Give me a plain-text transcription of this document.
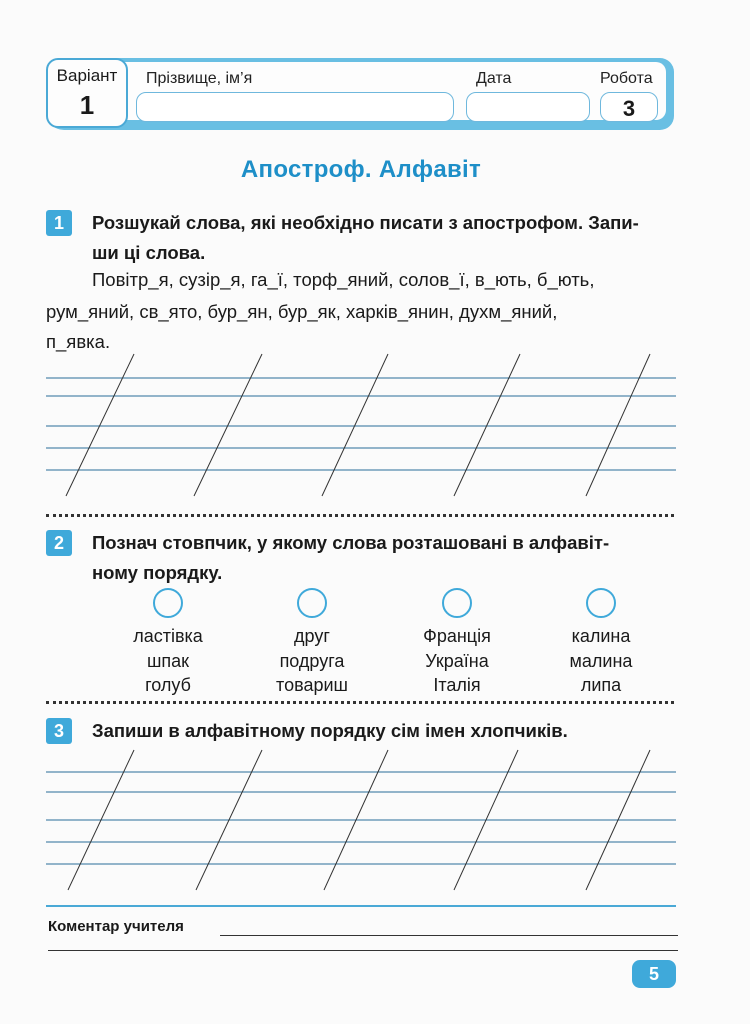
Варіант
1
Прізвище, ім’я	Дата	Робота
3
Апостроф. Алфавіт
1	Розшукай слова, які необхідно писати з апострофом. Запи-
ши ці слова.
Повітр_я, сузір_я, га_ї, торф_яний, солов_ї, в_ють, б_ють,
рум_яний, св_ято, бур_ян, бур_як, харків_янин, духм_яний,
п_явка.
2	Познач стовпчик, у якому слова розташовані в алфавіт-
ному порядку.
ластівка
шпак
голуб
друг
подруга
товариш
Франція
Україна
Італія
калина
малина
липа
3	Запиши в алфавітному порядку сім імен хлопчиків.
Коментар учителя
5
